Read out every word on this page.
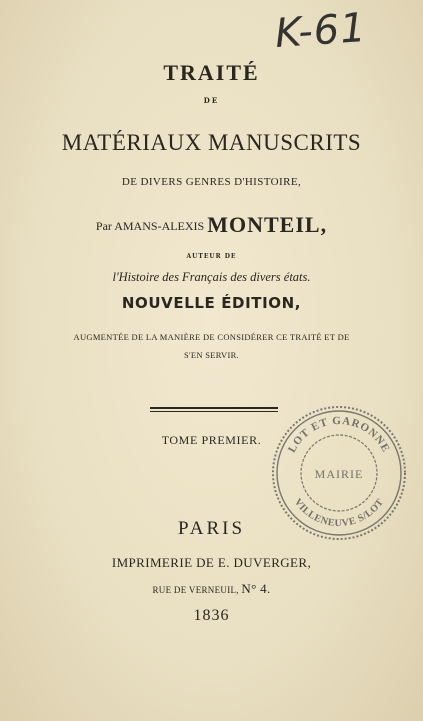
K-61
TRAITÉ
DE
MATÉRIAUX MANUSCRITS
DE DIVERS GENRES D'HISTOIRE,
Par AMANS-ALEXIS MONTEIL,
AUTEUR DE
l'Histoire des Français des divers états.
NOUVELLE ÉDITION,
AUGMENTÉE DE LA MANIÈRE DE CONSIDÉRER CE TRAITÉ ET DE
S'EN SERVIR.
TOME PREMIER.
PARIS
IMPRIMERIE DE E. DUVERGER,
RUE DE VERNEUIL, N° 4.
1836
LOT ET GARONNE
MAIRIE
VILLENEUVE S/LOT
